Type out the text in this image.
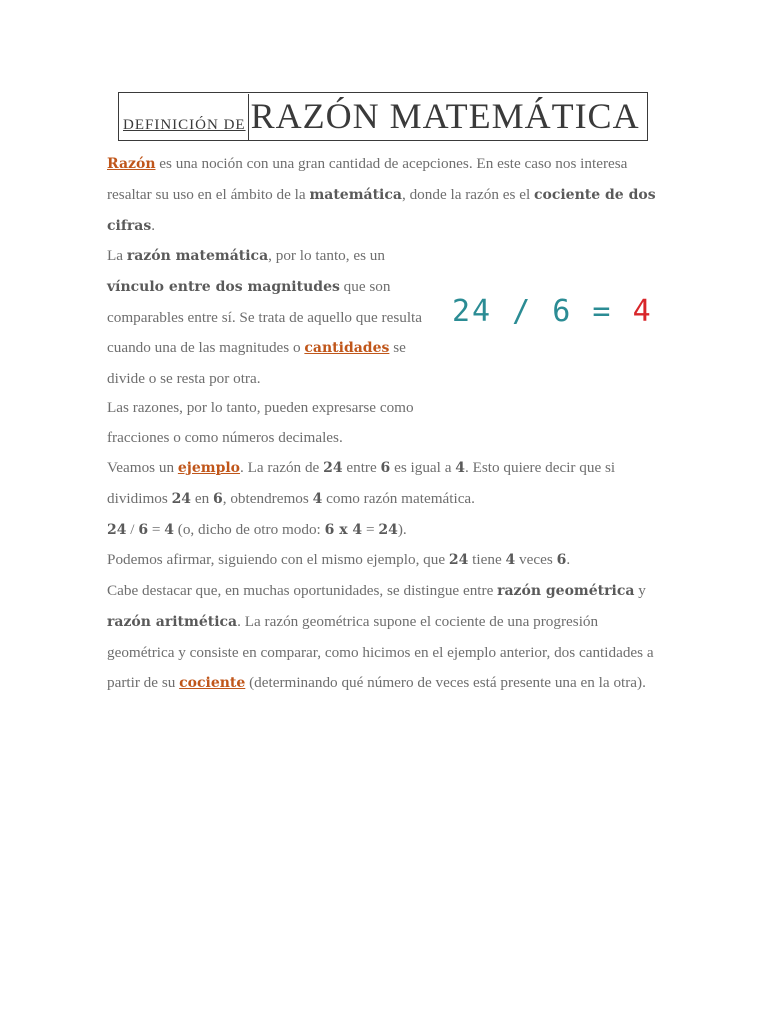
DEFINICIÓN DE RAZÓN MATEMÁTICA
24 / 6 = 4

Razón es una noción con una gran cantidad de acepciones. En este caso nos interesa resaltar su uso en el ámbito de la matemática, donde la razón es el cociente de dos cifras.

La razón matemática, por lo tanto, es un vínculo entre dos magnitudes que son comparables entre sí. Se trata de aquello que resulta cuando una de las magnitudes o cantidades se divide o se resta por otra.

Las razones, por lo tanto, pueden expresarse como fracciones o como números decimales.

Veamos un ejemplo. La razón de 24 entre 6 es igual a 4. Esto quiere decir que si dividimos 24 en 6, obtendremos 4 como razón matemática.

24 / 6 = 4 (o, dicho de otro modo: 6 x 4 = 24).

Podemos afirmar, siguiendo con el mismo ejemplo, que 24 tiene 4 veces 6.

Cabe destacar que, en muchas oportunidades, se distingue entre razón geométrica y razón aritmética. La razón geométrica supone el cociente de una progresión geométrica y consiste en comparar, como hicimos en el ejemplo anterior, dos cantidades a partir de su cociente (determinando qué número de veces está presente una en la otra).
